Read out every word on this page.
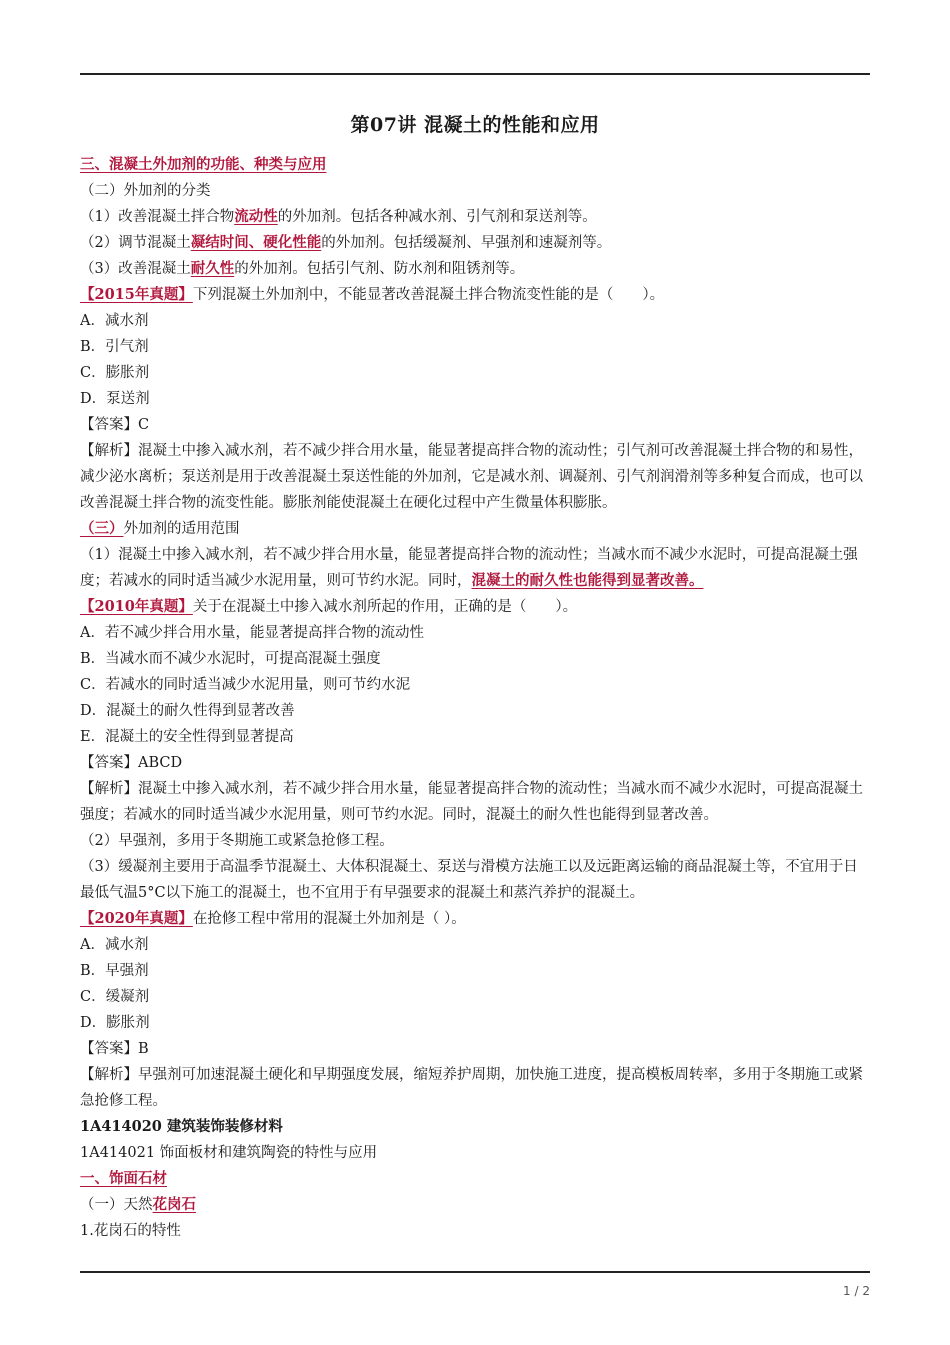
第07讲 混凝土的性能和应用
三、混凝土外加剂的功能、种类与应用
（二）外加剂的分类
（1）改善混凝土拌合物流动性的外加剂。包括各种减水剂、引气剂和泵送剂等。
（2）调节混凝土凝结时间、硬化性能的外加剂。包括缓凝剂、早强剂和速凝剂等。
（3）改善混凝土耐久性的外加剂。包括引气剂、防水剂和阻锈剂等。
【2015年真题】下列混凝土外加剂中，不能显著改善混凝土拌合物流变性能的是（　　）。
A．减水剂
B．引气剂
C．膨胀剂
D．泵送剂
【答案】C
【解析】混凝土中掺入减水剂，若不减少拌合用水量，能显著提高拌合物的流动性；引气剂可改善混凝土拌合物的和易性，减少泌水离析；泵送剂是用于改善混凝土泵送性能的外加剂，它是减水剂、调凝剂、引气剂润滑剂等多种复合而成，也可以改善混凝土拌合物的流变性能。膨胀剂能使混凝土在硬化过程中产生微量体积膨胀。
（三）外加剂的适用范围
（1）混凝土中掺入减水剂，若不减少拌合用水量，能显著提高拌合物的流动性；当减水而不减少水泥时，可提高混凝土强度；若减水的同时适当减少水泥用量，则可节约水泥。同时，混凝土的耐久性也能得到显著改善。
【2010年真题】关于在混凝土中掺入减水剂所起的作用，正确的是（　　）。
A．若不减少拌合用水量，能显著提高拌合物的流动性
B．当减水而不减少水泥时，可提高混凝土强度
C．若减水的同时适当减少水泥用量，则可节约水泥
D．混凝土的耐久性得到显著改善
E．混凝土的安全性得到显著提高
【答案】ABCD
【解析】混凝土中掺入减水剂，若不减少拌合用水量，能显著提高拌合物的流动性；当减水而不减少水泥时，可提高混凝土强度；若减水的同时适当减少水泥用量，则可节约水泥。同时，混凝土的耐久性也能得到显著改善。
（2）早强剂，多用于冬期施工或紧急抢修工程。
（3）缓凝剂主要用于高温季节混凝土、大体积混凝土、泵送与滑模方法施工以及远距离运输的商品混凝土等，不宜用于日最低气温5°C以下施工的混凝土，也不宜用于有早强要求的混凝土和蒸汽养护的混凝土。
【2020年真题】在抢修工程中常用的混凝土外加剂是（ ）。
A．减水剂
B．早强剂
C．缓凝剂
D．膨胀剂
【答案】B
【解析】早强剂可加速混凝土硬化和早期强度发展，缩短养护周期，加快施工进度，提高模板周转率，多用于冬期施工或紧急抢修工程。
1A414020 建筑装饰装修材料
1A414021 饰面板材和建筑陶瓷的特性与应用
一、饰面石材
（一）天然花岗石
1.花岗石的特性
1 / 2
